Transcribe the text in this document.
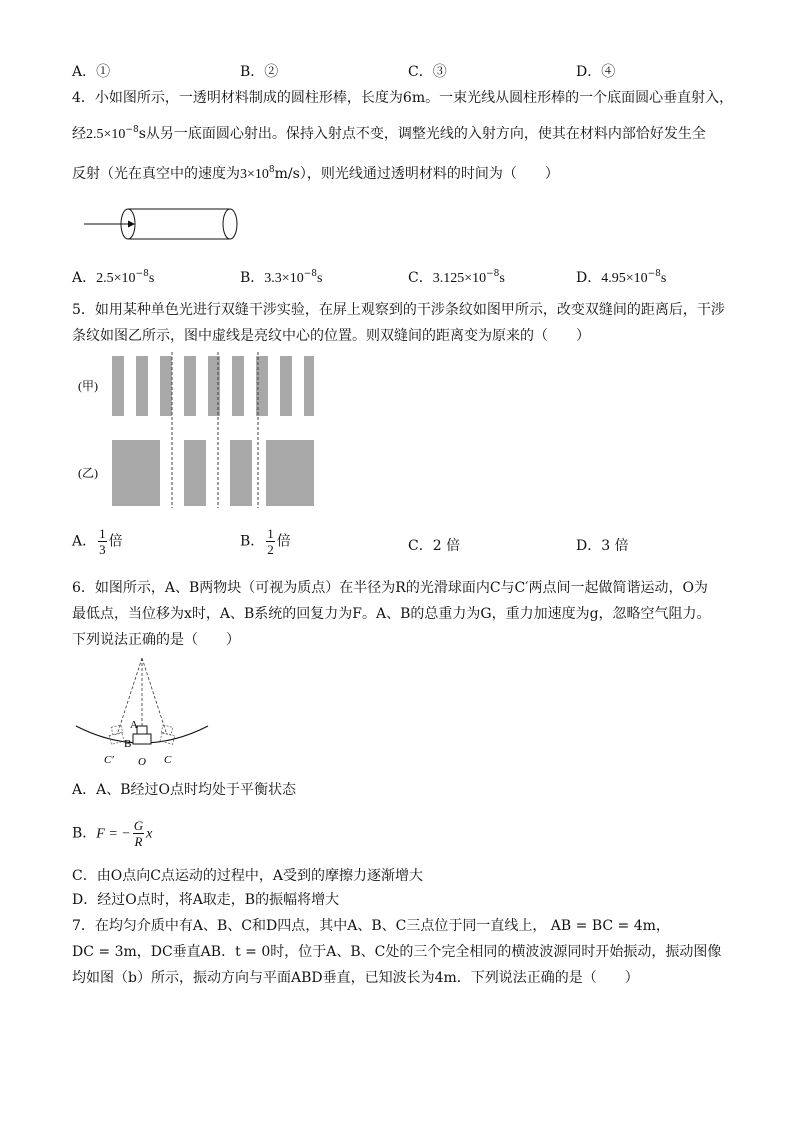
A．①	B．②	C．③	D．④
4．小如图所示，一透明材料制成的圆柱形棒，长度为6m。一束光线从圆柱形棒的一个底面圆心垂直射入，
经$2.5\times 10^{-8}s$从另一底面圆心射出。保持入射点不变，调整光线的入射方向，使其在材料内部恰好发生全
反射（光在真空中的速度为$3\times 10^8m/s$），则光线通过透明材料的时间为（　　）
A．$2.5\times 10^{-8}s$	B．$3.3\times 10^{-8}s$	C．$3.125\times 10^{-8}s$	D．$4.95\times 10^{-8}s$
5．如用某种单色光进行双缝干涉实验，在屏上观察到的干涉条纹如图甲所示，改变双缝间的距离后，干涉
条纹如图乙所示，图中虚线是亮纹中心的位置。则双缝间的距离变为原来的（　　）
(甲)
(乙)
A． $\frac{1}{3}$ 倍	B． $\frac{1}{2}$ 倍	C．2 倍	D．3 倍
6．如图所示，A、B两物块（可视为质点）在半径为R的光滑球面内C与C′两点间一起做简谐运动，O为
最低点，当位移为x时，A、B系统的回复力为F。A、B的总重力为G，重力加速度为g，忽略空气阻力。
下列说法正确的是（　　）
A
B
O
C′	C
A．A、B经过O点时均处于平衡状态
B．F = − $\frac{G}{R}$ x
C．由O点向C点运动的过程中，A受到的摩擦力逐渐增大
D．经过O点时，将A取走，B的振幅将增大
7．在均匀介质中有A、B、C和D四点，其中A、B、C三点位于同一直线上， AB = BC = 4m，
DC = 3m，DC垂直AB．t = 0时，位于A、B、C处的三个完全相同的横波波源同时开始振动，振动图像
均如图（b）所示，振动方向与平面ABD垂直，已知波长为4m．下列说法正确的是（　　）
